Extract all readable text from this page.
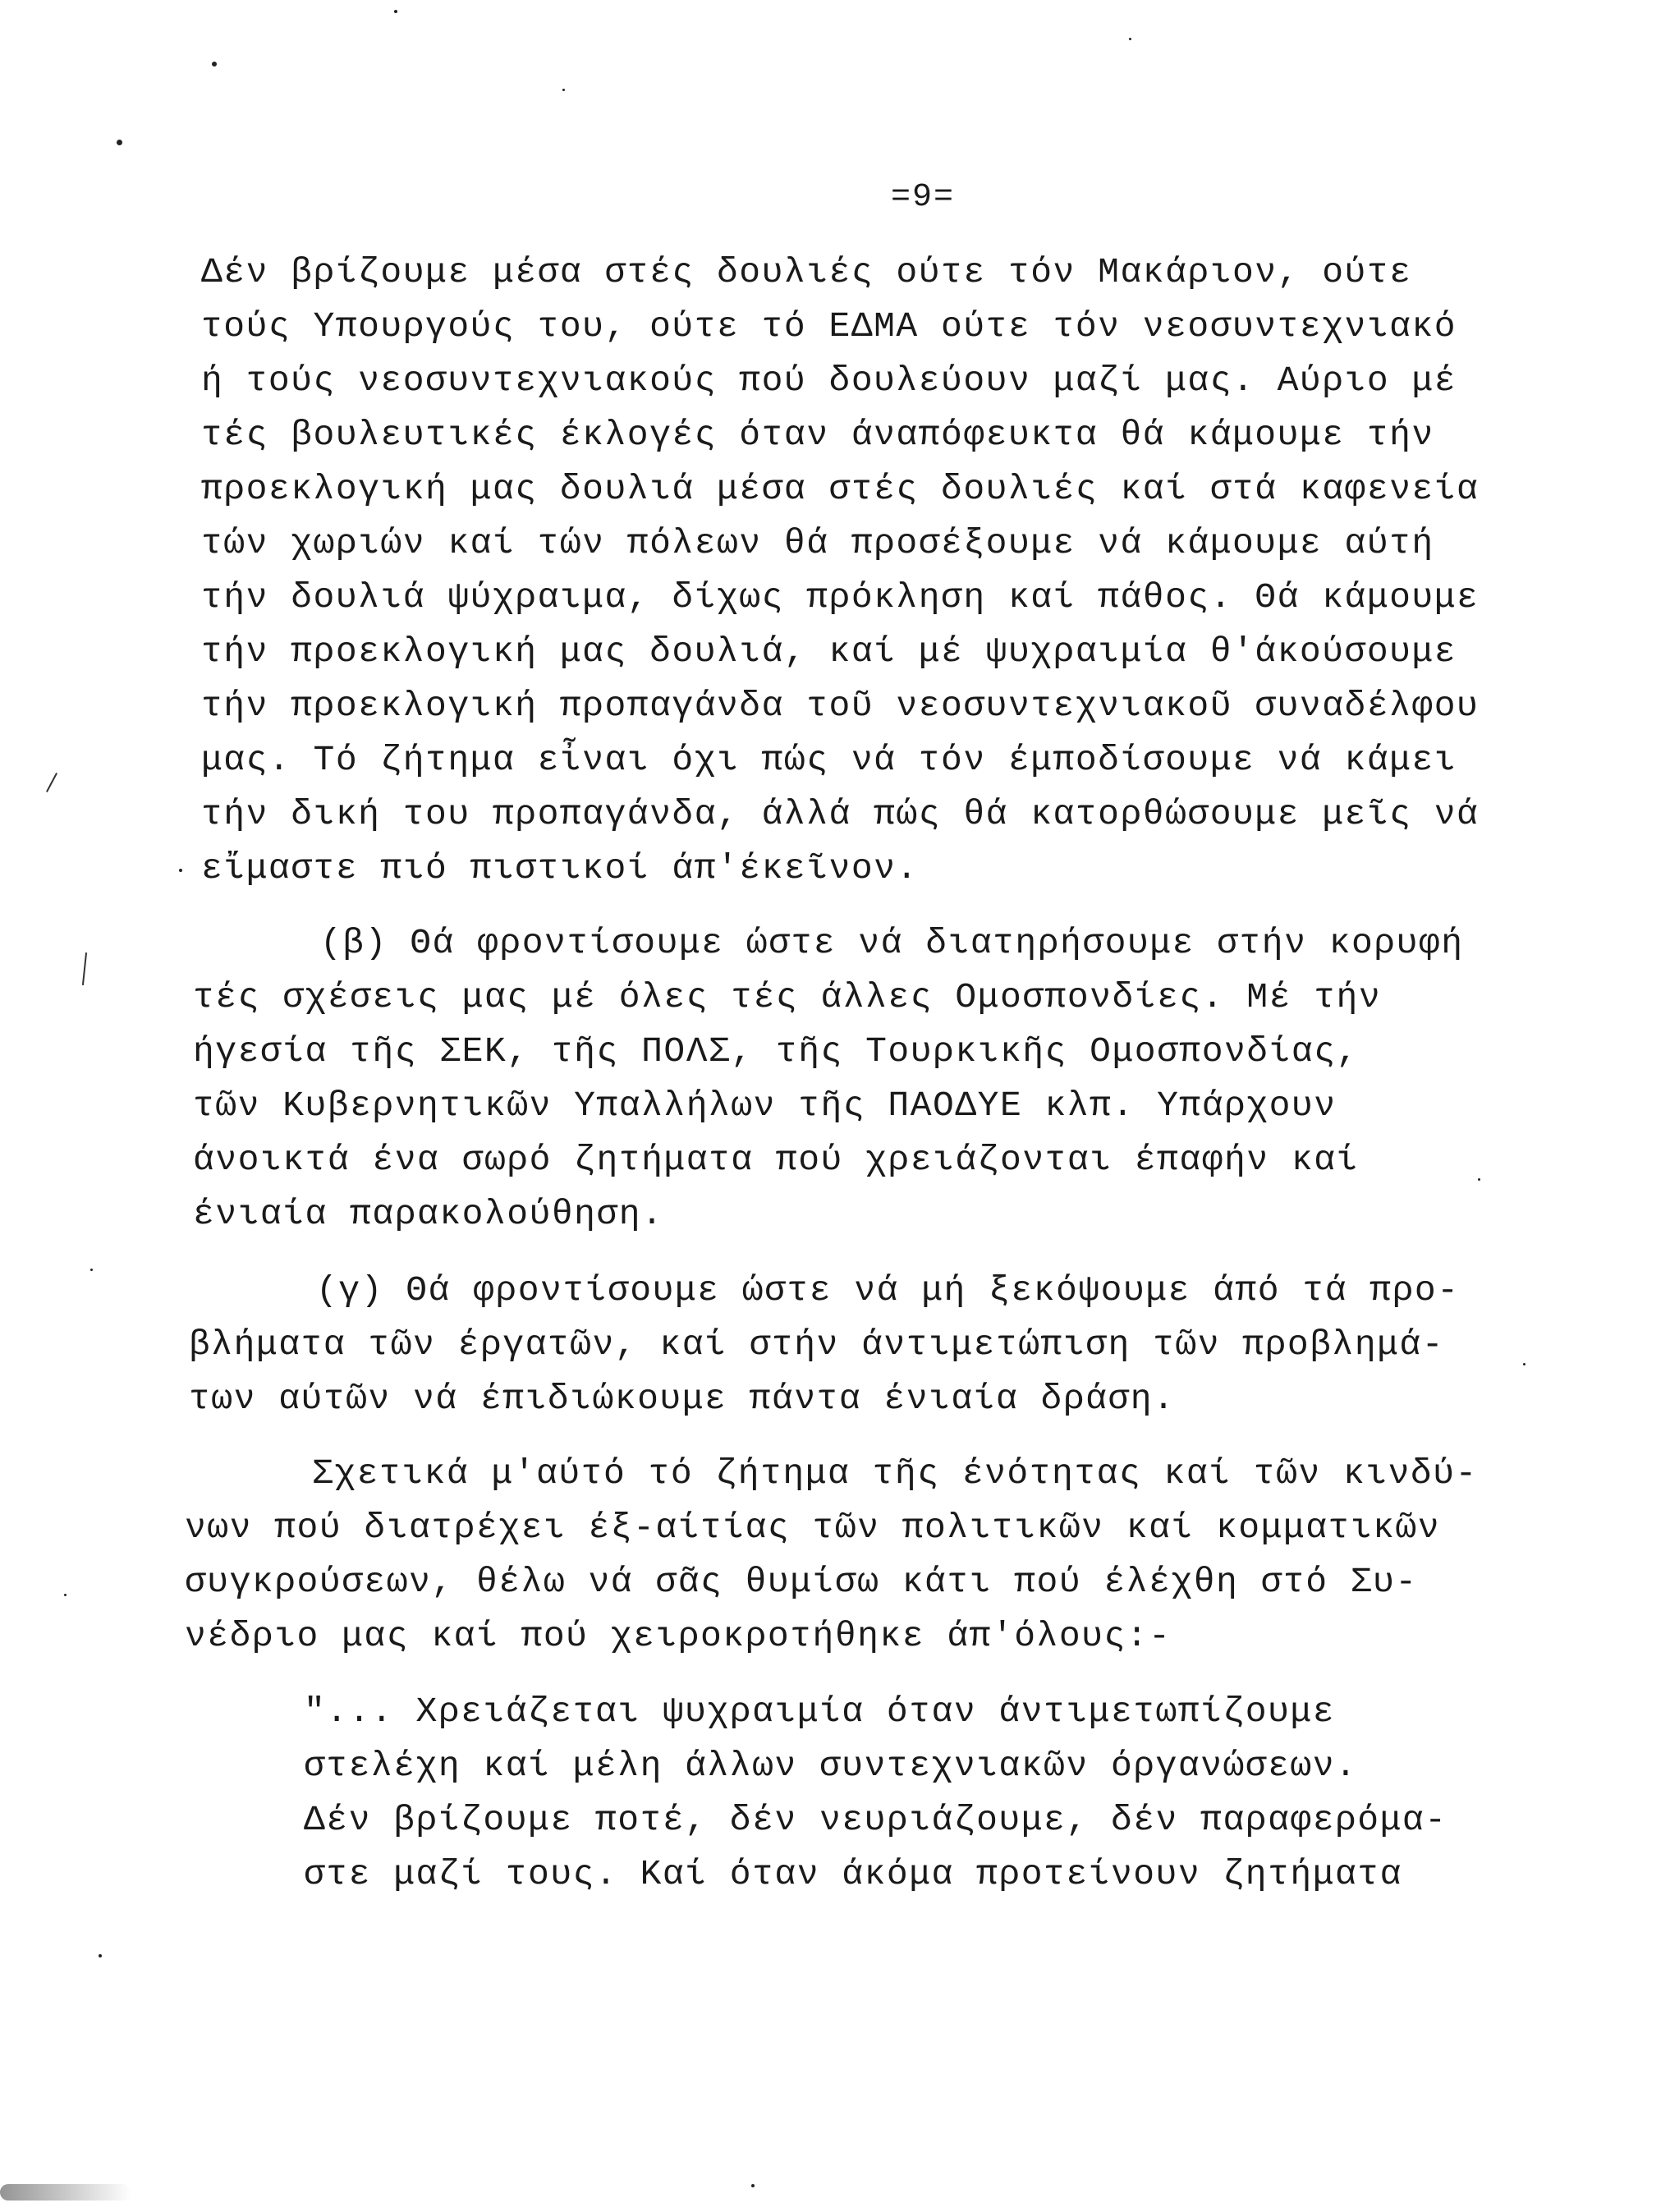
=9=
Δέν βρίζουμε μέσα στές δουλιές ούτε τόν Μακάριον, ούτε
τούς Υπουργούς του, ούτε τό ΕΔΜΑ ούτε τόν νεοσυντεχνιακό
ή τούς νεοσυντεχνιακούς πού δουλεύουν μαζί μας. Αύριο μέ
τές βουλευτικές έκλογές όταν άναπόφευκτα θά κάμουμε τήν
προεκλογική μας δουλιά μέσα στές δουλιές καί στά καφενεία
τών χωριών καί τών πόλεων θά προσέξουμε νά κάμουμε αύτή
τήν δουλιά ψύχραιμα, δίχως πρόκληση καί πάθος. Θά κάμουμε
τήν προεκλογική μας δουλιά, καί μέ ψυχραιμία θ'άκούσουμε
τήν προεκλογική προπαγάνδα τοῦ νεοσυντεχνιακοῦ συναδέλφου
μας. Τό ζήτημα εἶναι όχι πώς νά τόν έμποδίσουμε νά κάμει
τήν δική του προπαγάνδα, άλλά πώς θά κατορθώσουμε μεῖς νά
εἴμαστε πιό πιστικοί άπ'έκεῖνον.
(β) Θά φροντίσουμε ώστε νά διατηρήσουμε στήν κορυφή
τές σχέσεις μας μέ όλες τές άλλες Ομοσπονδίες. Μέ τήν
ήγεσία τῆς ΣΕΚ, τῆς ΠΟΛΣ, τῆς Τουρκικῆς Ομοσπονδίας,
τῶν Κυβερνητικῶν Υπαλλήλων τῆς ΠΑΟΔΥΕ κλπ. Υπάρχουν
άνοικτά ένα σωρό ζητήματα πού χρειάζονται έπαφήν καί
ένιαία παρακολούθηση.
(γ) Θά φροντίσουμε ώστε νά μή ξεκόψουμε άπό τά προ-
βλήματα τῶν έργατῶν, καί στήν άντιμετώπιση τῶν προβλημά-
των αύτῶν νά έπιδιώκουμε πάντα ένιαία δράση.
Σχετικά μ'αύτό τό ζήτημα τῆς ένότητας καί τῶν κινδύ-
νων πού διατρέχει έξ-αίτίας τῶν πολιτικῶν καί κομματικῶν
συγκρούσεων, θέλω νά σᾶς θυμίσω κάτι πού έλέχθη στό Συ-
νέδριο μας καί πού χειροκροτήθηκε άπ'όλους:-
"... Χρειάζεται ψυχραιμία όταν άντιμετωπίζουμε
στελέχη καί μέλη άλλων συντεχνιακῶν όργανώσεων.
Δέν βρίζουμε ποτέ, δέν νευριάζουμε, δέν παραφερόμα-
στε μαζί τους. Καί όταν άκόμα προτείνουν ζητήματα
